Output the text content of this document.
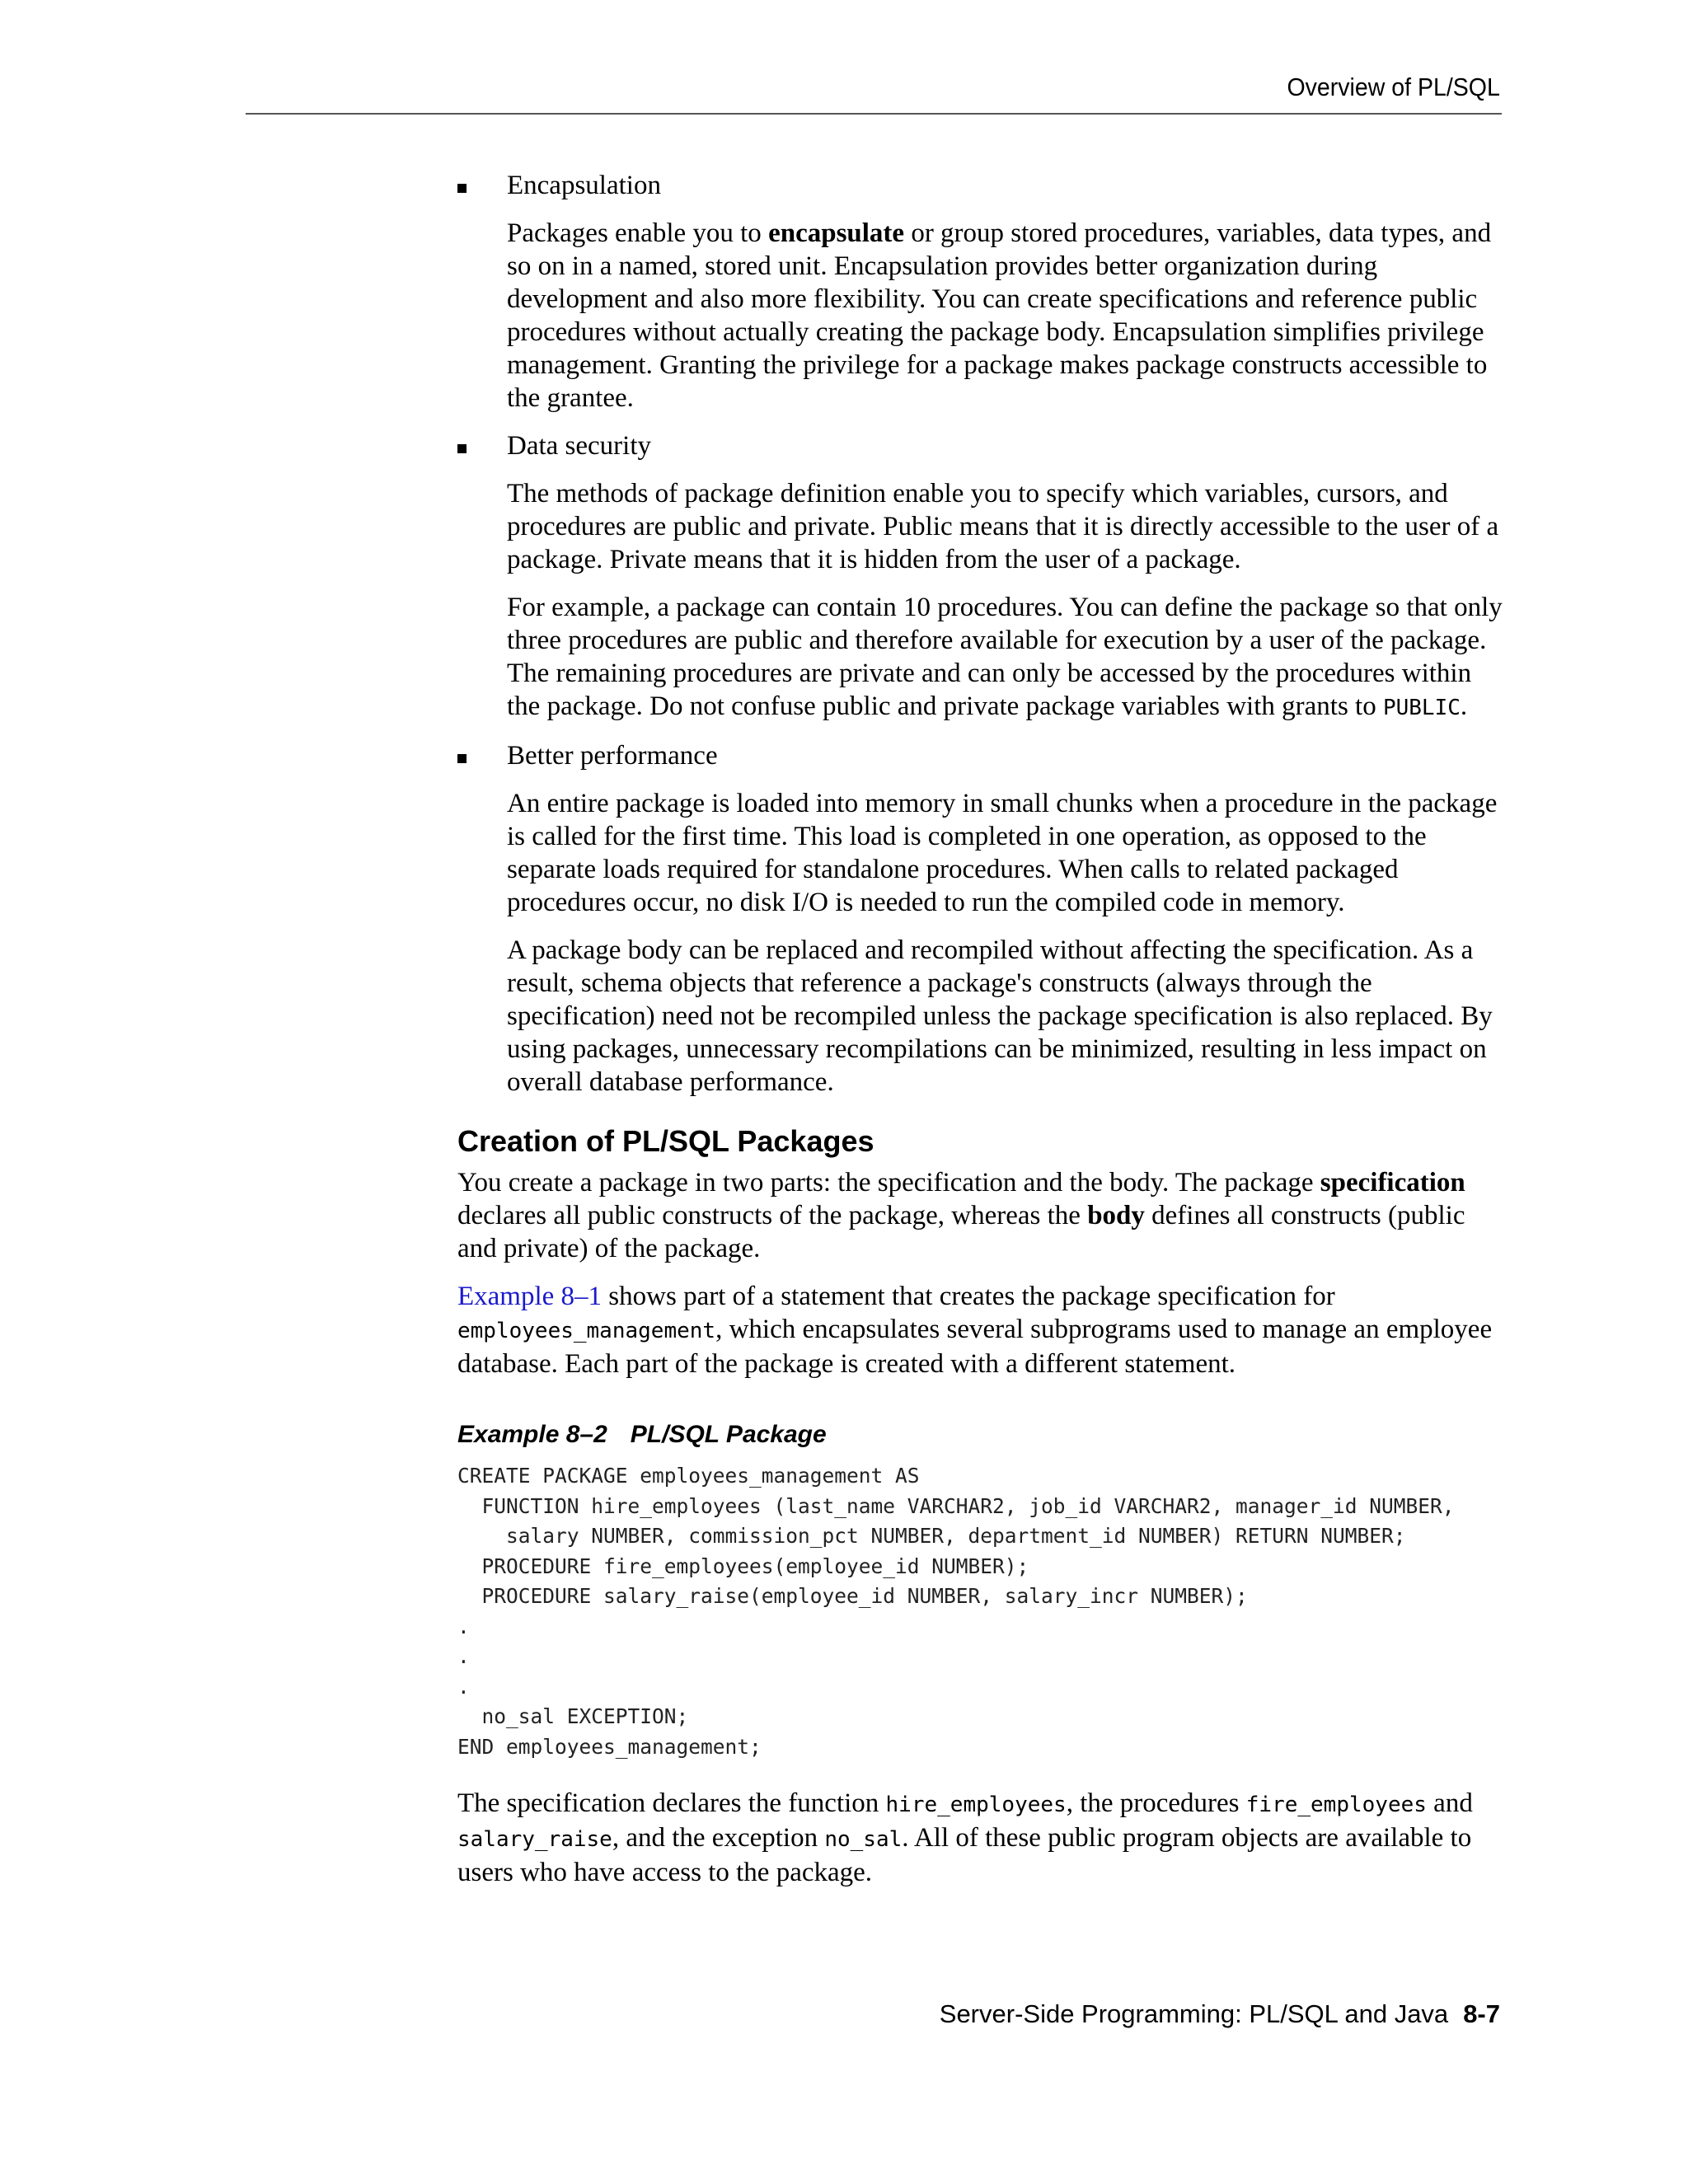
Overview of PL/SQL
Encapsulation

Packages enable you to encapsulate or group stored procedures, variables, data types, and so on in a named, stored unit. Encapsulation provides better organization during development and also more flexibility. You can create specifications and reference public procedures without actually creating the package body. Encapsulation simplifies privilege management. Granting the privilege for a package makes package constructs accessible to the grantee.

Data security

The methods of package definition enable you to specify which variables, cursors, and procedures are public and private. Public means that it is directly accessible to the user of a package. Private means that it is hidden from the user of a package.

For example, a package can contain 10 procedures. You can define the package so that only three procedures are public and therefore available for execution by a user of the package. The remaining procedures are private and can only be accessed by the procedures within the package. Do not confuse public and private package variables with grants to PUBLIC.

Better performance

An entire package is loaded into memory in small chunks when a procedure in the package is called for the first time. This load is completed in one operation, as opposed to the separate loads required for standalone procedures. When calls to related packaged procedures occur, no disk I/O is needed to run the compiled code in memory.

A package body can be replaced and recompiled without affecting the specification. As a result, schema objects that reference a package's constructs (always through the specification) need not be recompiled unless the package specification is also replaced. By using packages, unnecessary recompilations can be minimized, resulting in less impact on overall database performance.

Creation of PL/SQL Packages

You create a package in two parts: the specification and the body. The package specification declares all public constructs of the package, whereas the body defines all constructs (public and private) of the package.

Example 8–1 shows part of a statement that creates the package specification for employees_management, which encapsulates several subprograms used to manage an employee database. Each part of the package is created with a different statement.

Example 8–2 PL/SQL Package
CREATE PACKAGE employees_management AS
FUNCTION hire_employees (last_name VARCHAR2, job_id VARCHAR2, manager_id NUMBER,
salary NUMBER, commission_pct NUMBER, department_id NUMBER) RETURN NUMBER;
PROCEDURE fire_employees(employee_id NUMBER);
PROCEDURE salary_raise(employee_id NUMBER, salary_incr NUMBER);
.
.
.
no_sal EXCEPTION;
END employees_management;

The specification declares the function hire_employees, the procedures fire_employees and salary_raise, and the exception no_sal. All of these public program objects are available to users who have access to the package.

Server-Side Programming: PL/SQL and Java 8-7
